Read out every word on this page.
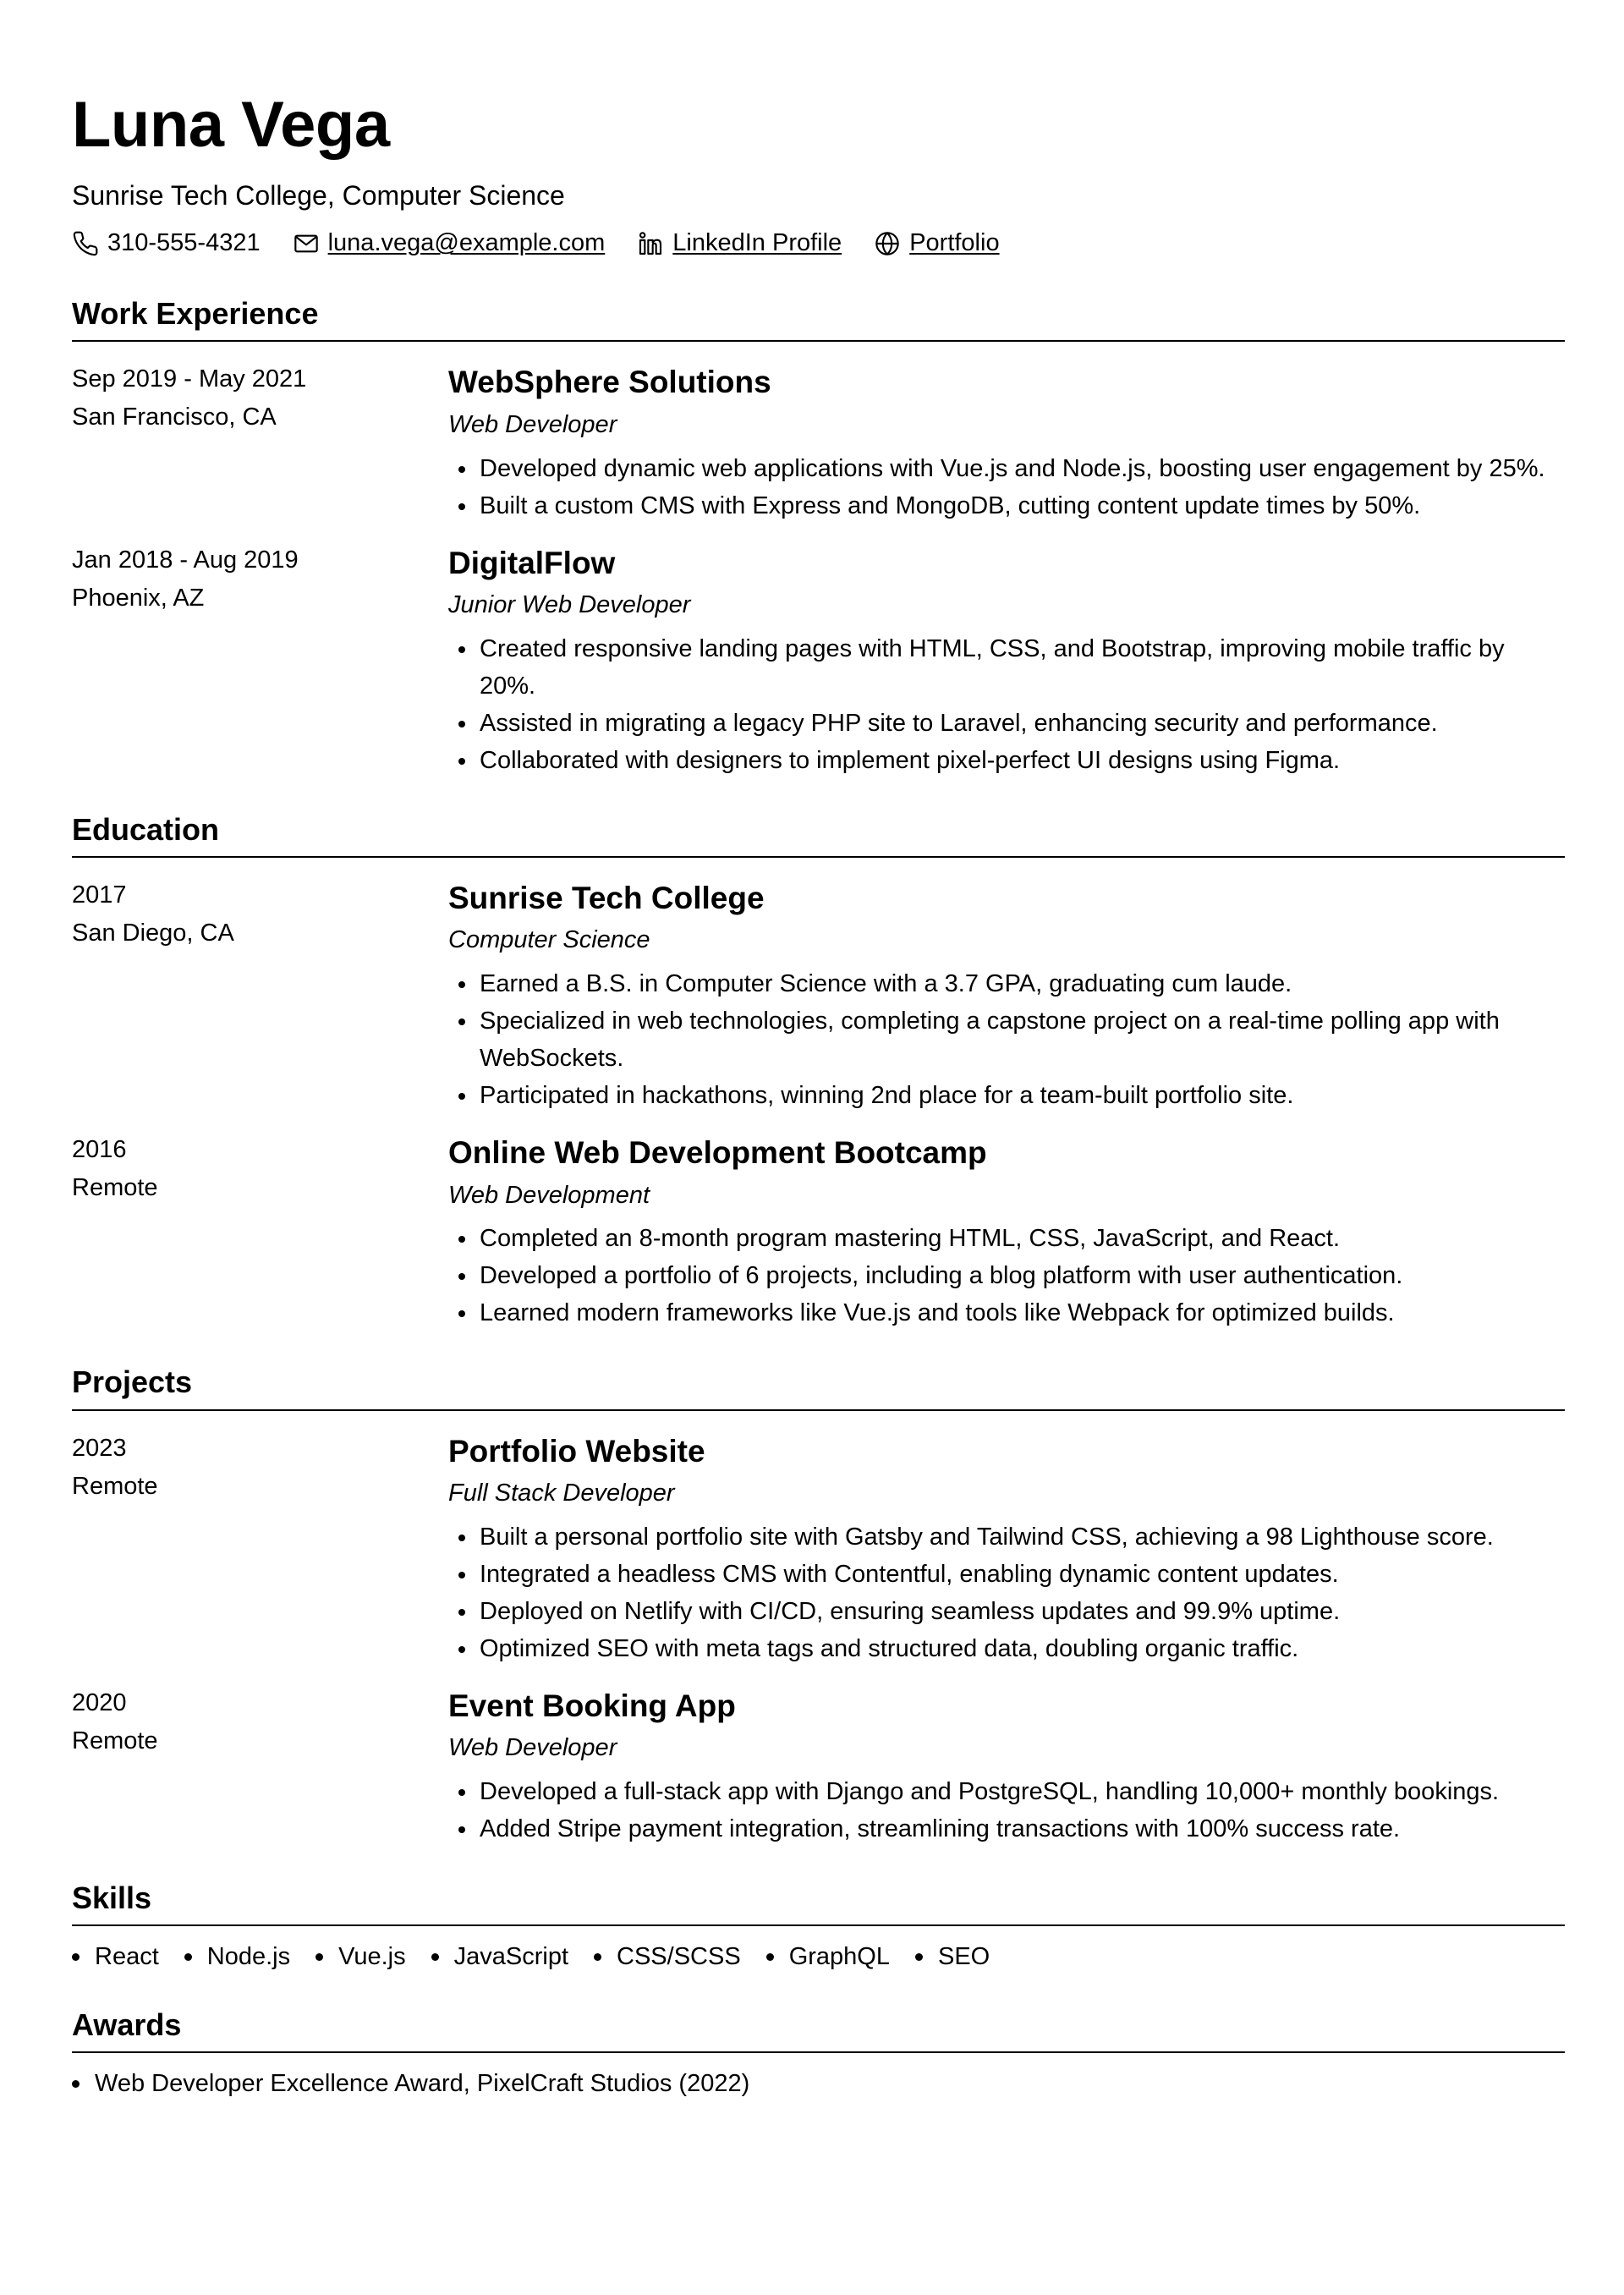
Luna Vega
Sunrise Tech College, Computer Science
310-555-4321	luna.vega@example.com	LinkedIn Profile	Portfolio
Work Experience
Sep 2019 - May 2021
San Francisco, CA
WebSphere Solutions
Web Developer
• Developed dynamic web applications with Vue.js and Node.js, boosting user engagement by 25%.
• Built a custom CMS with Express and MongoDB, cutting content update times by 50%.
Jan 2018 - Aug 2019
Phoenix, AZ
DigitalFlow
Junior Web Developer
• Created responsive landing pages with HTML, CSS, and Bootstrap, improving mobile traffic by 20%.
• Assisted in migrating a legacy PHP site to Laravel, enhancing security and performance.
• Collaborated with designers to implement pixel-perfect UI designs using Figma.
Education
2017
San Diego, CA
Sunrise Tech College
Computer Science
• Earned a B.S. in Computer Science with a 3.7 GPA, graduating cum laude.
• Specialized in web technologies, completing a capstone project on a real-time polling app with WebSockets.
• Participated in hackathons, winning 2nd place for a team-built portfolio site.
2016
Remote
Online Web Development Bootcamp
Web Development
• Completed an 8-month program mastering HTML, CSS, JavaScript, and React.
• Developed a portfolio of 6 projects, including a blog platform with user authentication.
• Learned modern frameworks like Vue.js and tools like Webpack for optimized builds.
Projects
2023
Remote
Portfolio Website
Full Stack Developer
• Built a personal portfolio site with Gatsby and Tailwind CSS, achieving a 98 Lighthouse score.
• Integrated a headless CMS with Contentful, enabling dynamic content updates.
• Deployed on Netlify with CI/CD, ensuring seamless updates and 99.9% uptime.
• Optimized SEO with meta tags and structured data, doubling organic traffic.
2020
Remote
Event Booking App
Web Developer
• Developed a full-stack app with Django and PostgreSQL, handling 10,000+ monthly bookings.
• Added Stripe payment integration, streamlining transactions with 100% success rate.
Skills
React	Node.js	Vue.js	JavaScript	CSS/SCSS	GraphQL	SEO
Awards
Web Developer Excellence Award, PixelCraft Studios (2022)
